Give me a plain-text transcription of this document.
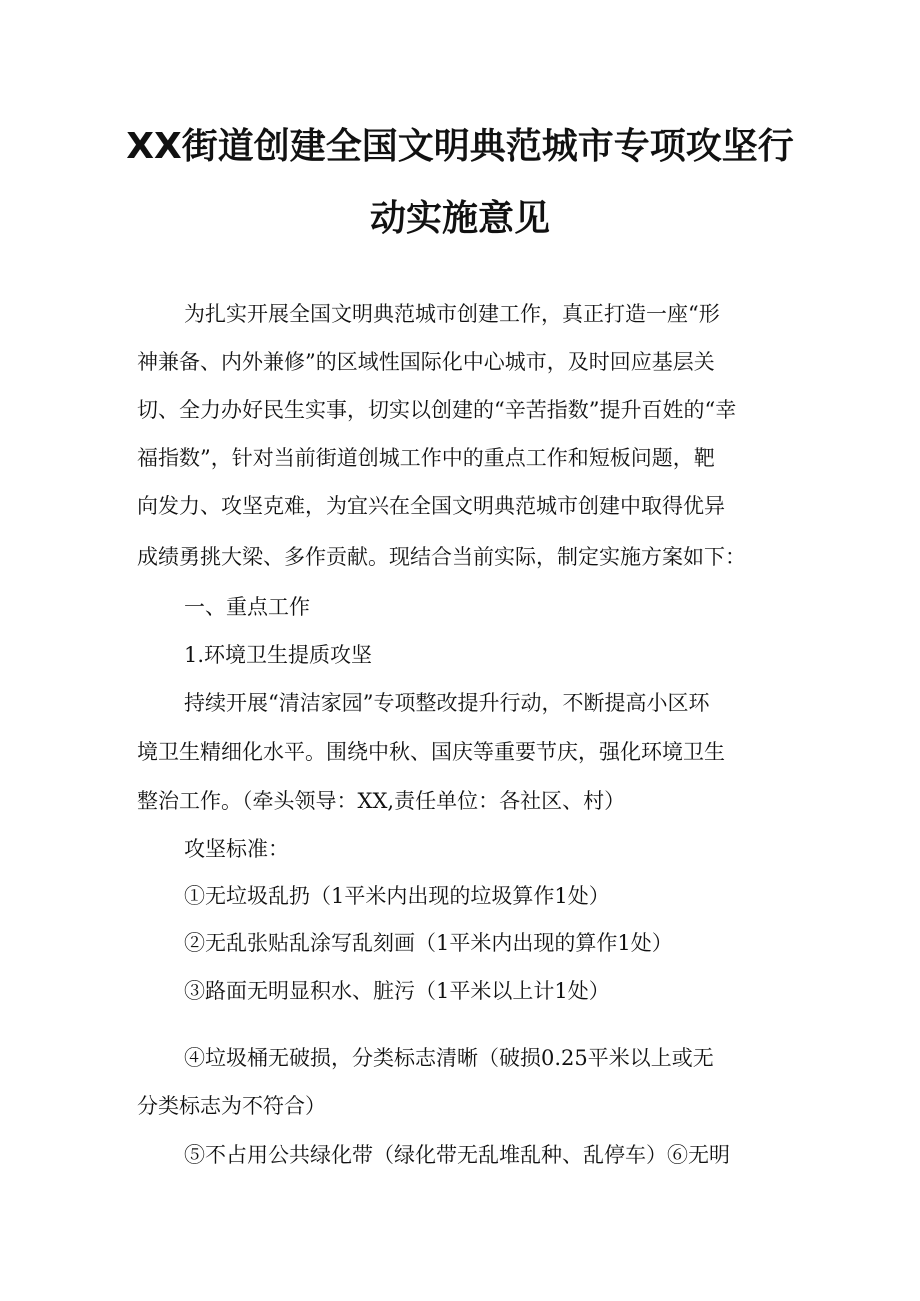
XX街道创建全国文明典范城市专项攻坚行
动实施意见
为扎实开展全国文明典范城市创建工作，真正打造一座“形
神兼备、内外兼修”的区域性国际化中心城市，及时回应基层关
切、全力办好民生实事，切实以创建的“辛苦指数”提升百姓的“幸
福指数”，针对当前街道创城工作中的重点工作和短板问题，靶
向发力、攻坚克难，为宜兴在全国文明典范城市创建中取得优异
成绩勇挑大梁、多作贡献。现结合当前实际，制定实施方案如下：
一、重点工作
1.环境卫生提质攻坚
持续开展“清洁家园”专项整改提升行动，不断提高小区环
境卫生精细化水平。围绕中秋、国庆等重要节庆，强化环境卫生
整治工作。（牵头领导：XX,责任单位：各社区、村）
攻坚标准：
①无垃圾乱扔（1平米内出现的垃圾算作1处）
②无乱张贴乱涂写乱刻画（1平米内出现的算作1处）
③路面无明显积水、脏污（1平米以上计1处）
④垃圾桶无破损，分类标志清晰（破损0.25平米以上或无
分类标志为不符合）
⑤不占用公共绿化带（绿化带无乱堆乱种、乱停车）⑥无明
